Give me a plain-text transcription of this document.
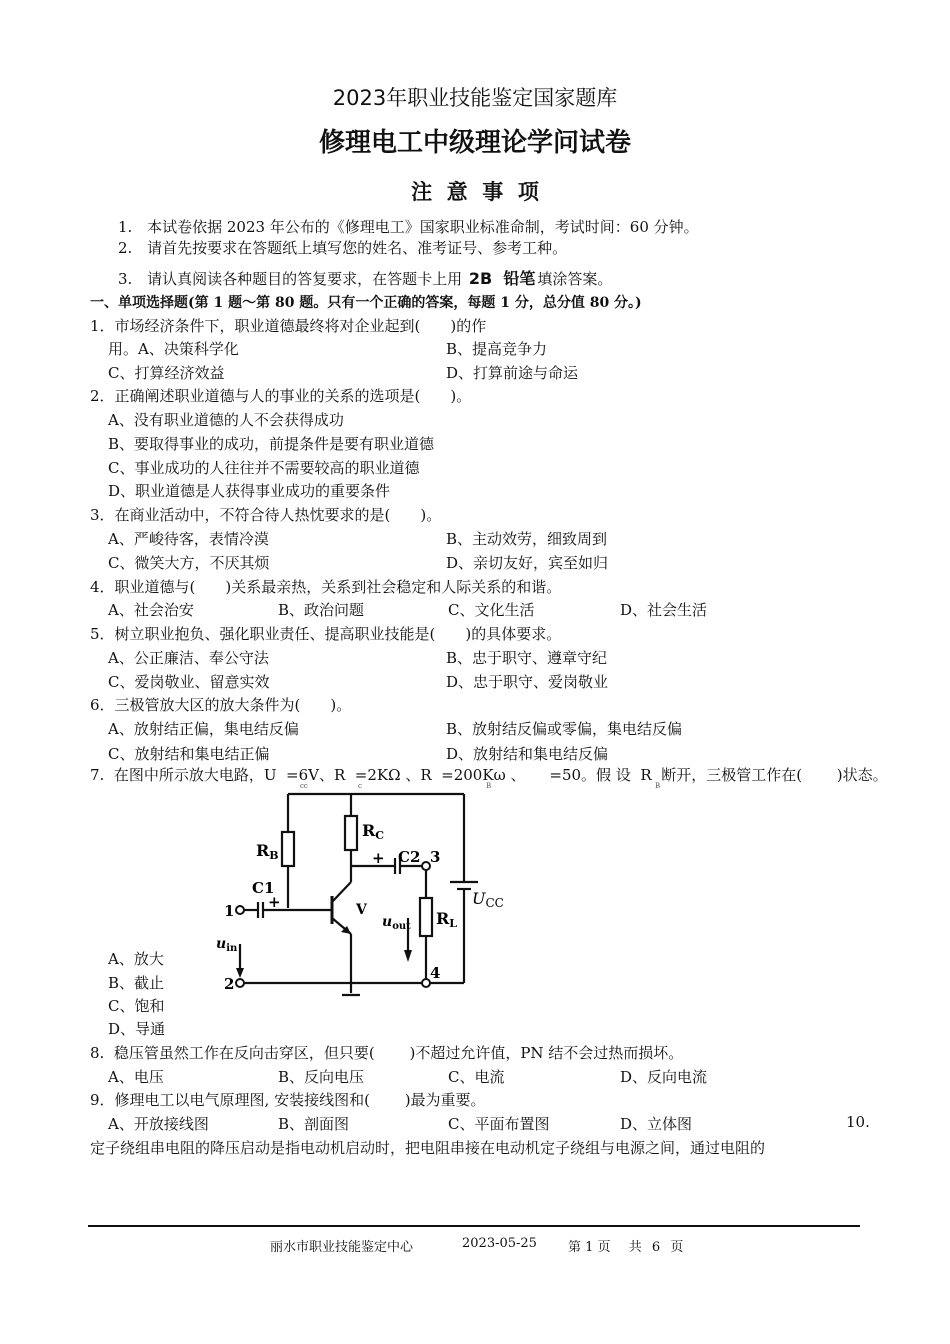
2023年职业技能鉴定国家题库
修理电工中级理论学问试卷
注  意  事  项
1. 本试卷依据 2023 年公布的《修理电工》国家职业标准命制，考试时间：60 分钟。
2. 请首先按要求在答题纸上填写您的姓名、准考证号、参考工种。
3. 请认真阅读各种题目的答复要求，在答题卡上用 2B  铅笔 填涂答案。
一、单项选择题(第 1 题～第 80 题。只有一个正确的答案，每题 1 分，总分值 80 分。)
1．市场经济条件下，职业道德最终将对企业起到(　　)的作
用。A、决策科学化	B、提高竞争力
C、打算经济效益	D、打算前途与命运
2．正确阐述职业道德与人的事业的关系的选项是(　　)。
A、没有职业道德的人不会获得成功
B、要取得事业的成功，前提条件是要有职业道德
C、事业成功的人往往并不需要较高的职业道德
D、职业道德是人获得事业成功的重要条件
3．在商业活动中，不符合待人热忱要求的是(　　)。
A、严峻待客，表情冷漠	B、主动效劳，细致周到
C、微笑大方，不厌其烦	D、亲切友好，宾至如归
4．职业道德与(　　)关系最亲热，关系到社会稳定和人际关系的和谐。
A、社会治安	B、政治问题	C、文化生活	D、社会生活
5．树立职业抱负、强化职业责任、提高职业技能是(　　)的具体要求。
A、公正廉洁、奉公守法	B、忠于职守、遵章守纪
C、爱岗敬业、留意实效	D、忠于职守、爱岗敬业
6．三极管放大区的放大条件为(　　)。
A、放射结正偏，集电结反偏	B、放射结反偏或零偏，集电结反偏
C、放射结和集电结正偏	D、放射结和集电结反偏
7.  在图中所示放大电路，U  =6V、R  =2KΩ 、R  =200Kω 、     =50。假 设  R  断开，三极管工作在(　　 )状态。
cc	c	B	B
RB
RC
+ C2 3
C1
+
1	V
UCC
RL
$u_{out}$
$u_{in}$
2
4
A、放大
B、截止
C、饱和
D、导通
8.  稳压管虽然工作在反向击穿区，但只要(　　 )不超过允许值，PN 结不会过热而损坏。
A、电压	B、反向电压	C、电流	D、反向电流
9．修理电工以电气原理图, 安装接线图和(　　 )最为重要。
A、开放接线图	B、剖面图	C、平面布置图	D、立体图	10.
定子绕组串电阻的降压启动是指电动机启动时，把电阻串接在电动机定子绕组与电源之间，通过电阻的
丽水市职业技能鉴定中心	2023-05-25 第 1 页 共 6 页
